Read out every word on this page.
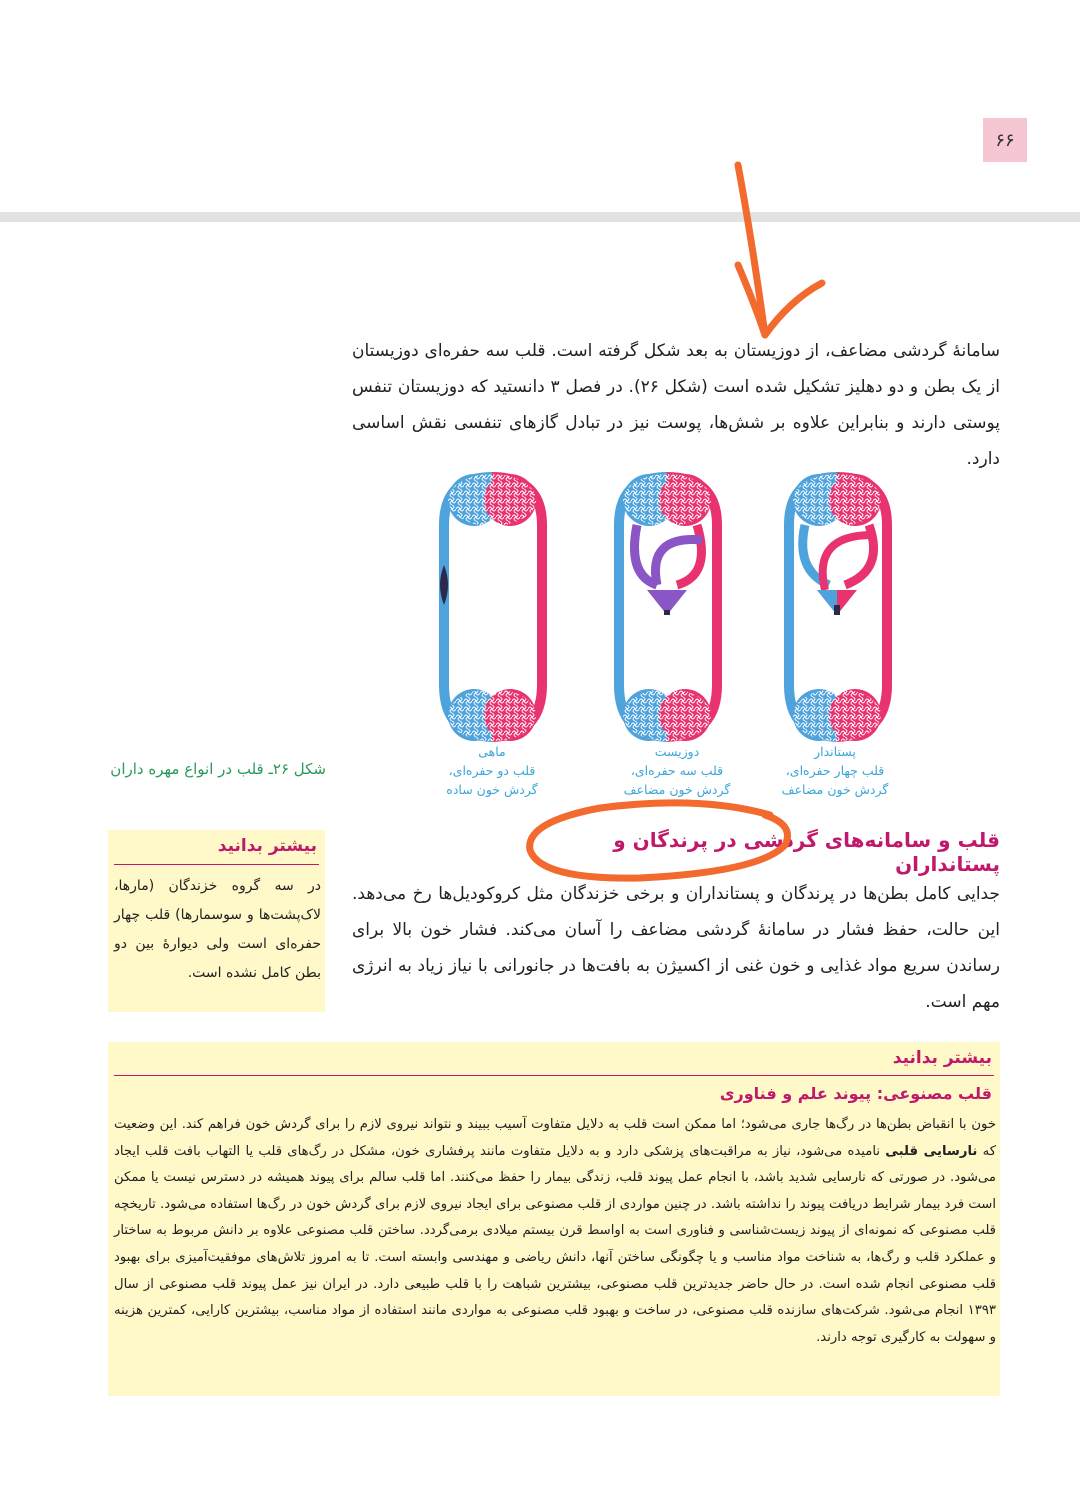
۶۶

سامانهٔ گردشی مضاعف، از دوزیستان به بعد شکل گرفته است. قلب سه حفره‌ای دوزیستان از یک بطن و دو دهلیز تشکیل شده است (شکل ۲۶). در فصل ۳ دانستید که دوزیستان تنفس پوستی دارند و بنابراین علاوه بر شش‌ها، پوست نیز در تبادل گازهای تنفسی نقش اساسی دارد.

پستاندار
قلب چهار حفره‌ای،
گردش خون مضاعف
دوزیست
قلب سه حفره‌ای،
گردش خون مضاعف
ماهی
قلب دو حفره‌ای،
گردش خون ساده
شکل ۲۶ـ قلب در انواع مهره داران
قلب و سامانه‌های گردشی در پرندگان و پستانداران

جدایی کامل بطن‌ها در پرندگان و پستانداران و برخی خزندگان مثل کروکودیل‌ها رخ می‌دهد. این حالت، حفظ فشار در سامانهٔ گردشی مضاعف را آسان می‌کند. فشار خون بالا برای رساندن سریع مواد غذایی و خون غنی از اکسیژن به بافت‌ها در جانورانی با نیاز زیاد به انرژی مهم است.

بیشتر بدانید

در سه گروه خزندگان (مارها، لاک‌پشت‌ها و سوسمارها) قلب چهار حفره‌ای است ولی دیوارهٔ بین دو بطن کامل نشده است.

بیشتر بدانید
قلب مصنوعی: پیوند علم و فناوری

خون با انقباض بطن‌ها در رگ‌ها جاری می‌شود؛ اما ممکن است قلب به دلایل متفاوت آسیب ببیند و نتواند نیروی لازم را برای گردش خون فراهم کند. این وضعیت که نارسایی قلبی نامیده می‌شود، نیاز به مراقبت‌های پزشکی دارد و به دلایل متفاوت مانند پرفشاری خون، مشکل در رگ‌های قلب یا التهاب بافت قلب ایجاد می‌شود. در صورتی که نارسایی شدید باشد، با انجام عمل پیوند قلب، زندگی بیمار را حفظ می‌کنند. اما قلب سالم برای پیوند همیشه در دسترس نیست یا ممکن است فرد بیمار شرایط دریافت پیوند را نداشته باشد. در چنین مواردی از قلب مصنوعی برای ایجاد نیروی لازم برای گردش خون در رگ‌ها استفاده می‌شود. تاریخچه قلب مصنوعی که نمونه‌ای از پیوند زیست‌شناسی و فناوری است به اواسط قرن بیستم میلادی برمی‌گردد. ساختن قلب مصنوعی علاوه بر دانش مربوط به ساختار و عملکرد قلب و رگ‌ها، به شناخت مواد مناسب و یا چگونگی ساختن آنها، دانش ریاضی و مهندسی وابسته است. تا به امروز تلاش‌های موفقیت‌آمیزی برای بهبود قلب مصنوعی انجام شده است. در حال حاضر جدیدترین قلب مصنوعی، بیشترین شباهت را با قلب طبیعی دارد. در ایران نیز عمل پیوند قلب مصنوعی از سال ۱۳۹۳ انجام می‌شود. شرکت‌های سازنده قلب مصنوعی، در ساخت و بهبود قلب مصنوعی به مواردی مانند استفاده از مواد مناسب، بیشترین کارایی، کمترین هزینه و سهولت به کارگیری توجه دارند.
